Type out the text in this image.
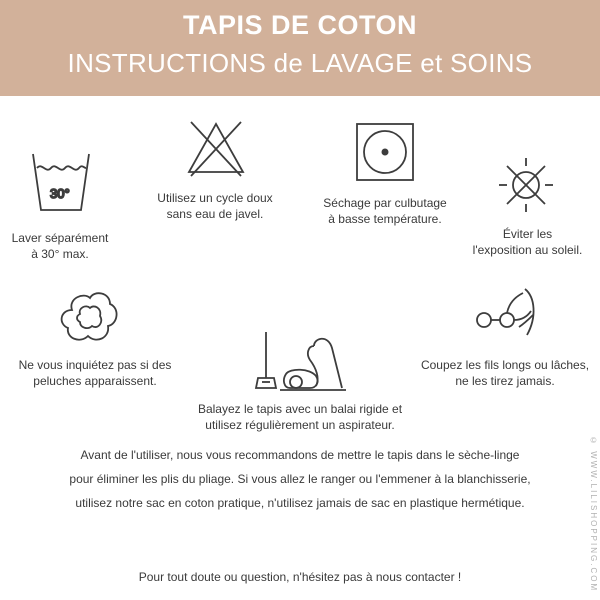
TAPIS DE COTON
INSTRUCTIONS de LAVAGE et SOINS
30°
Laver séparément
à 30° max.
Utilisez un cycle doux
sans eau de javel.
Séchage par culbutage
à basse température.
Éviter les
l'exposition au soleil.
Ne vous inquiétez pas si des
peluches apparaissent.
Balayez le tapis avec un balai rigide et
utilisez régulièrement un aspirateur.
Coupez les fils longs ou lâches,
ne les tirez jamais.
Avant de l'utiliser, nous vous recommandons de mettre le tapis dans le sèche-linge
pour éliminer les plis du pliage. Si vous allez le ranger ou l'emmener à la blanchisserie,
utilisez notre sac en coton pratique, n'utilisez jamais de sac en plastique hermétique.
Pour tout doute ou question, n'hésitez pas à nous contacter !	© WWW.LILISHOPPING.COM
